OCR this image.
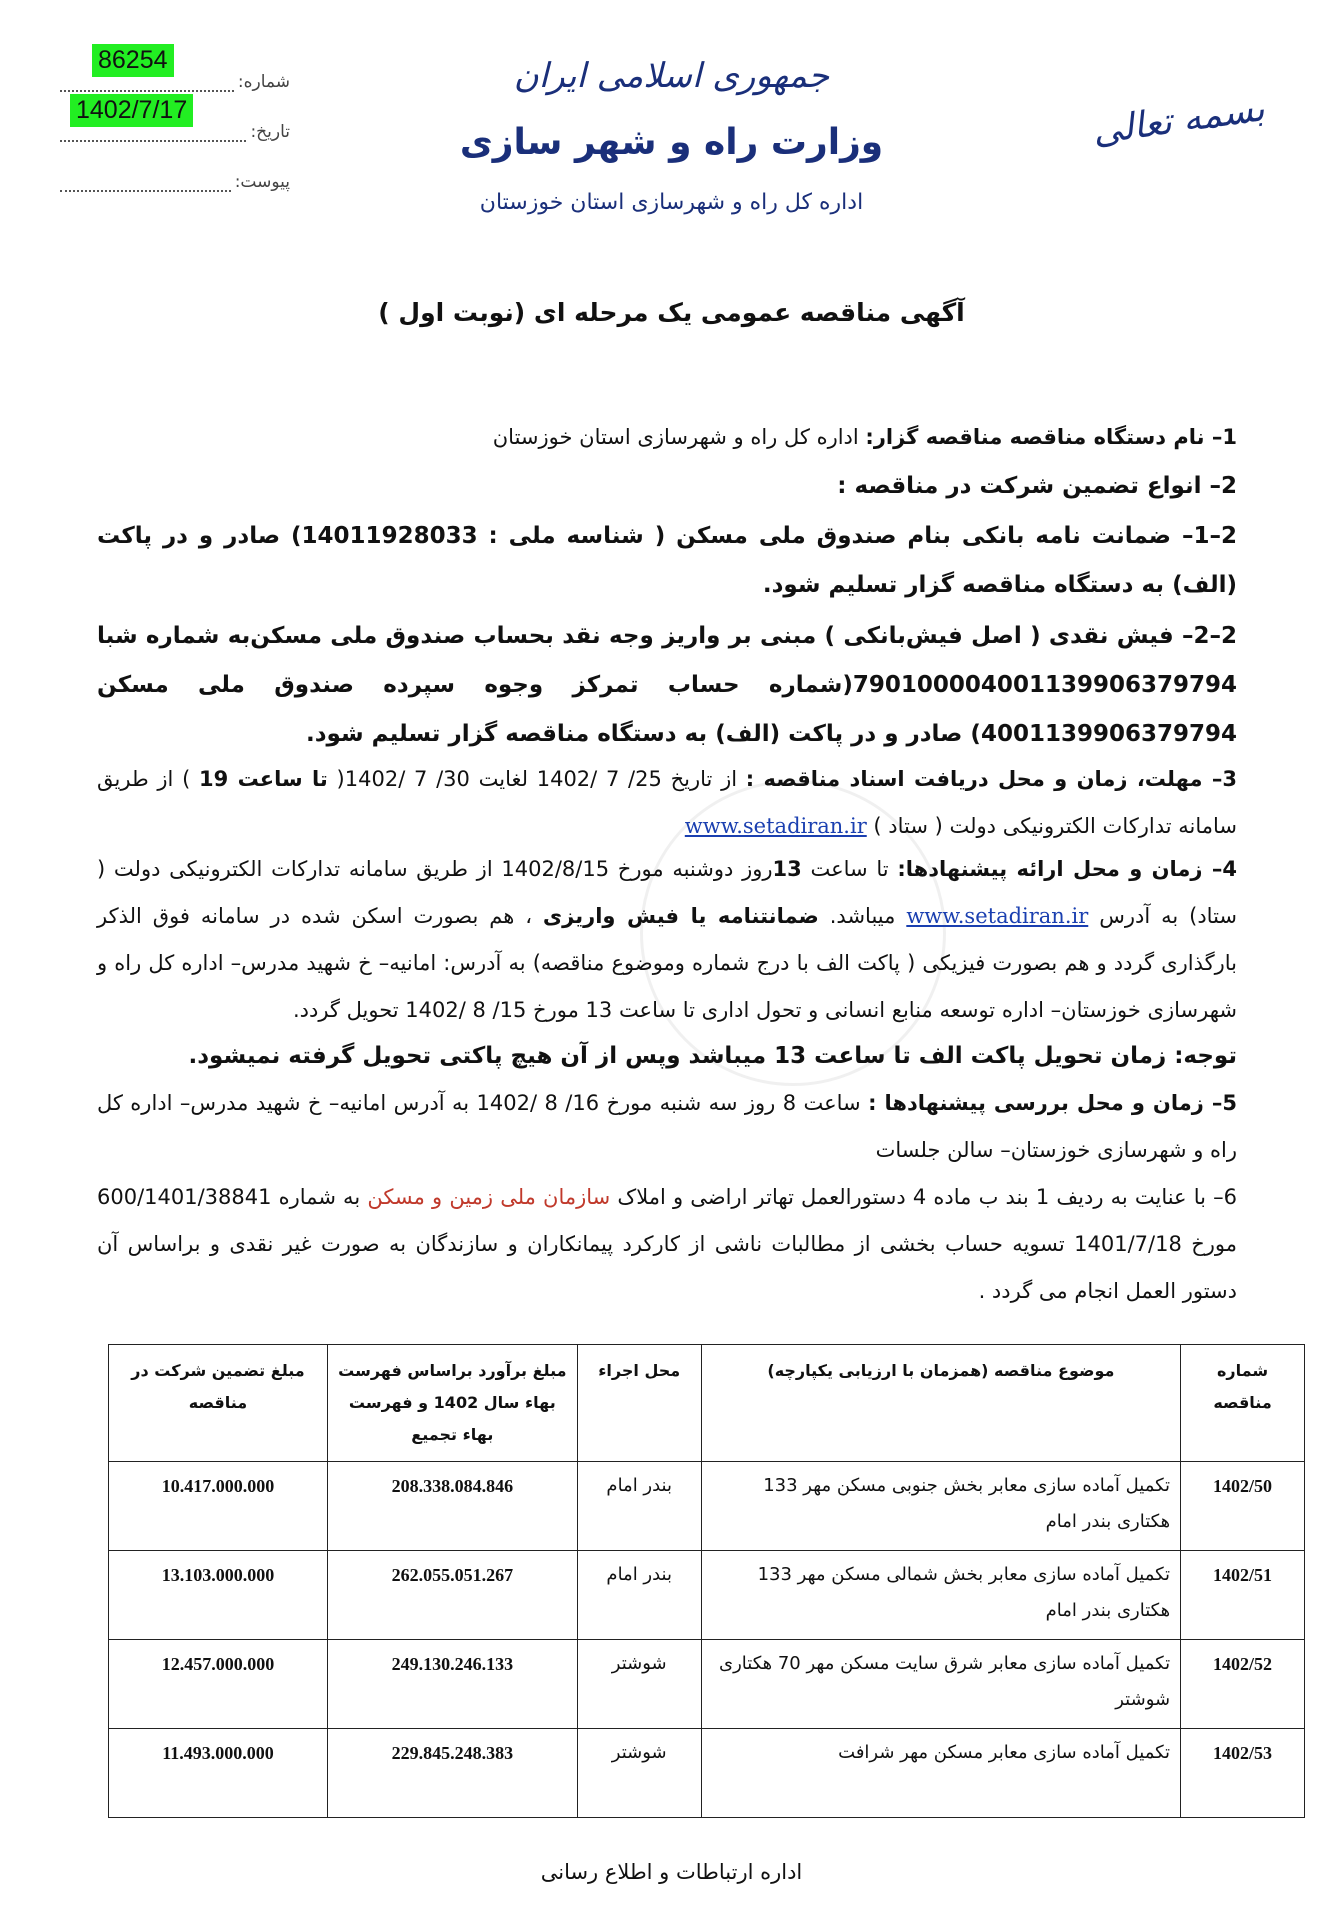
بسمه تعالی
جمهوری اسلامی ایران
وزارت راه و شهر سازی
اداره کل راه و شهرسازی استان خوزستان
شماره:
86254
تاریخ:
1402/7/17
پیوست:
آگهی مناقصه عمومی یک مرحله ای (نوبت اول )
1– نام دستگاه مناقصه مناقصه گزار: اداره کل راه و شهرسازی استان خوزستان
2– انواع تضمین شرکت در مناقصه :
2–1– ضمانت نامه بانکی بنام صندوق ملی مسکن ( شناسه ملی : 14011928033) صادر و در پاکت (الف) به دستگاه مناقصه گزار تسلیم شود.
2–2– فیش نقدی ( اصل فیش‌بانکی ) مبنی بر واریز وجه نقد بحساب صندوق ملی مسکن‌به شماره شبا 790100004001139906379794(شماره حساب تمرکز وجوه سپرده صندوق ملی مسکن 4001139906379794) صادر و در پاکت (الف) به دستگاه مناقصه گزار تسلیم شود.
3– مهلت، زمان و محل دریافت اسناد مناقصه : از تاریخ 25/ 7 /1402 لغایت 30/ 7 /1402( تا ساعت 19 ) از طریق سامانه تدارکات الکترونیکی دولت ( ستاد ) www.setadiran.ir
4– زمان و محل ارائه پیشنهادها: تا ساعت 13روز دوشنبه مورخ 1402/8/15 از طریق سامانه تدارکات الکترونیکی دولت ( ستاد) به آدرس www.setadiran.ir میباشد. ضمانتنامه یا فیش واریزی ، هم بصورت اسکن شده در سامانه فوق الذکر بارگذاری گردد و هم بصورت فیزیکی ( پاکت الف با درج شماره وموضوع مناقصه) به آدرس: امانیه– خ شهید مدرس– اداره کل راه و شهرسازی خوزستان– اداره توسعه منابع انسانی و تحول اداری تا ساعت 13 مورخ 15/ 8 /1402 تحویل گردد.
توجه: زمان تحویل پاکت الف تا ساعت 13 میباشد وپس از آن هیچ پاکتی تحویل گرفته نمیشود.
5– زمان و محل بررسی پیشنهادها : ساعت 8 روز سه شنبه مورخ 16/ 8 /1402 به آدرس امانیه– خ شهید مدرس– اداره کل راه و شهرسازی خوزستان– سالن جلسات
6– با عنایت به ردیف 1 بند ب ماده 4 دستورالعمل تهاتر اراضی و املاک سازمان ملی زمین و مسکن به شماره 600/1401/38841 مورخ 1401/7/18 تسویه حساب بخشی از مطالبات ناشی از کارکرد پیمانکاران و سازندگان به صورت غیر نقدی و براساس آن دستور العمل انجام می گردد .
شماره مناقصه	موضوع مناقصه (همزمان با ارزیابی یکپارچه)	محل اجراء	مبلغ برآورد براساس فهرست بهاء سال 1402 و فهرست بهاء تجمیع	مبلغ تضمین شرکت در مناقصه
1402/50	تکمیل آماده سازی معابر بخش جنوبی مسکن مهر 133 هکتاری بندر امام	بندر امام	208.338.084.846	10.417.000.000
1402/51	تکمیل آماده سازی معابر بخش شمالی مسکن مهر 133 هکتاری بندر امام	بندر امام	262.055.051.267	13.103.000.000
1402/52	تکمیل آماده سازی معابر شرق سایت مسکن مهر 70 هکتاری شوشتر	شوشتر	249.130.246.133	12.457.000.000
1402/53	تکمیل آماده سازی معابر مسکن مهر شرافت	شوشتر	229.845.248.383	11.493.000.000
اداره ارتباطات و اطلاع رسانی
